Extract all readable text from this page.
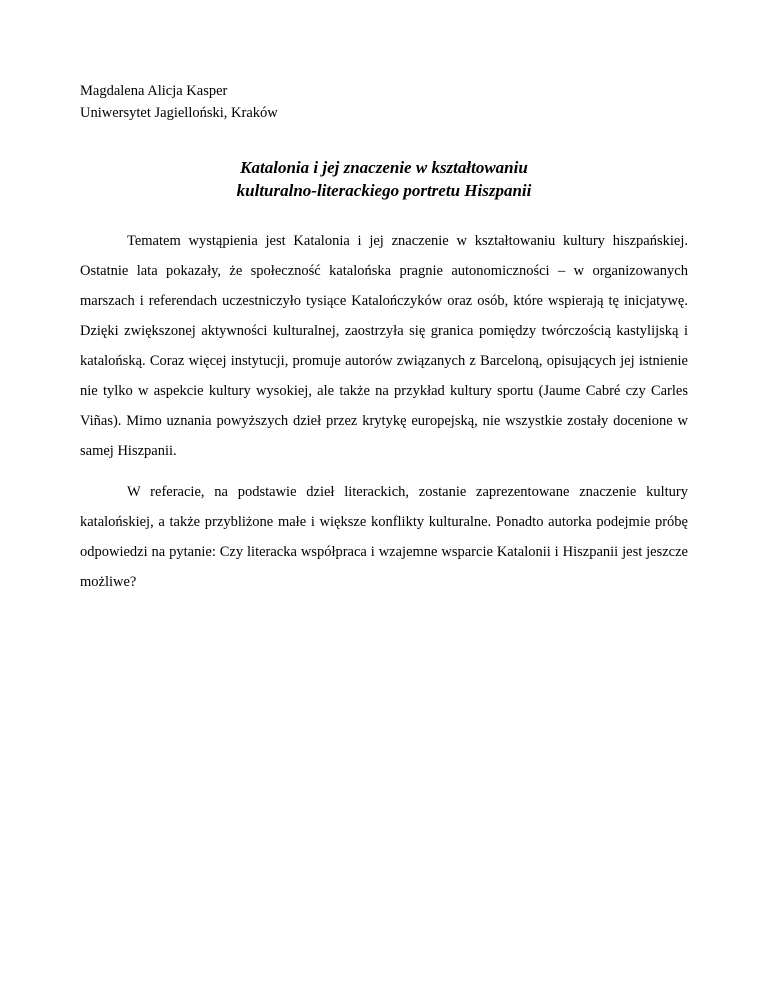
Magdalena Alicja Kasper
Uniwersytet Jagielloński, Kraków
Katalonia i jej znaczenie w kształtowaniu
kulturalno-literackiego portretu Hiszpanii

Tematem wystąpienia jest Katalonia i jej znaczenie w kształtowaniu kultury hiszpańskiej. Ostatnie lata pokazały, że społeczność katalońska pragnie autonomiczności – w organizowanych marszach i referendach uczestniczyło tysiące Katalończyków oraz osób, które wspierają tę inicjatywę. Dzięki zwiększonej aktywności kulturalnej, zaostrzyła się granica pomiędzy twórczością kastylijską i katalońską. Coraz więcej instytucji, promuje autorów związanych z Barceloną, opisujących jej istnienie nie tylko w aspekcie kultury wysokiej, ale także na przykład kultury sportu (Jaume Cabré czy Carles Viñas). Mimo uznania powyższych dzieł przez krytykę europejską, nie wszystkie zostały docenione w samej Hiszpanii.

W referacie, na podstawie dzieł literackich, zostanie zaprezentowane znaczenie kultury katalońskiej, a także przybliżone małe i większe konflikty kulturalne. Ponadto autorka podejmie próbę odpowiedzi na pytanie: Czy literacka współpraca i wzajemne wsparcie Katalonii i Hiszpanii jest jeszcze możliwe?
